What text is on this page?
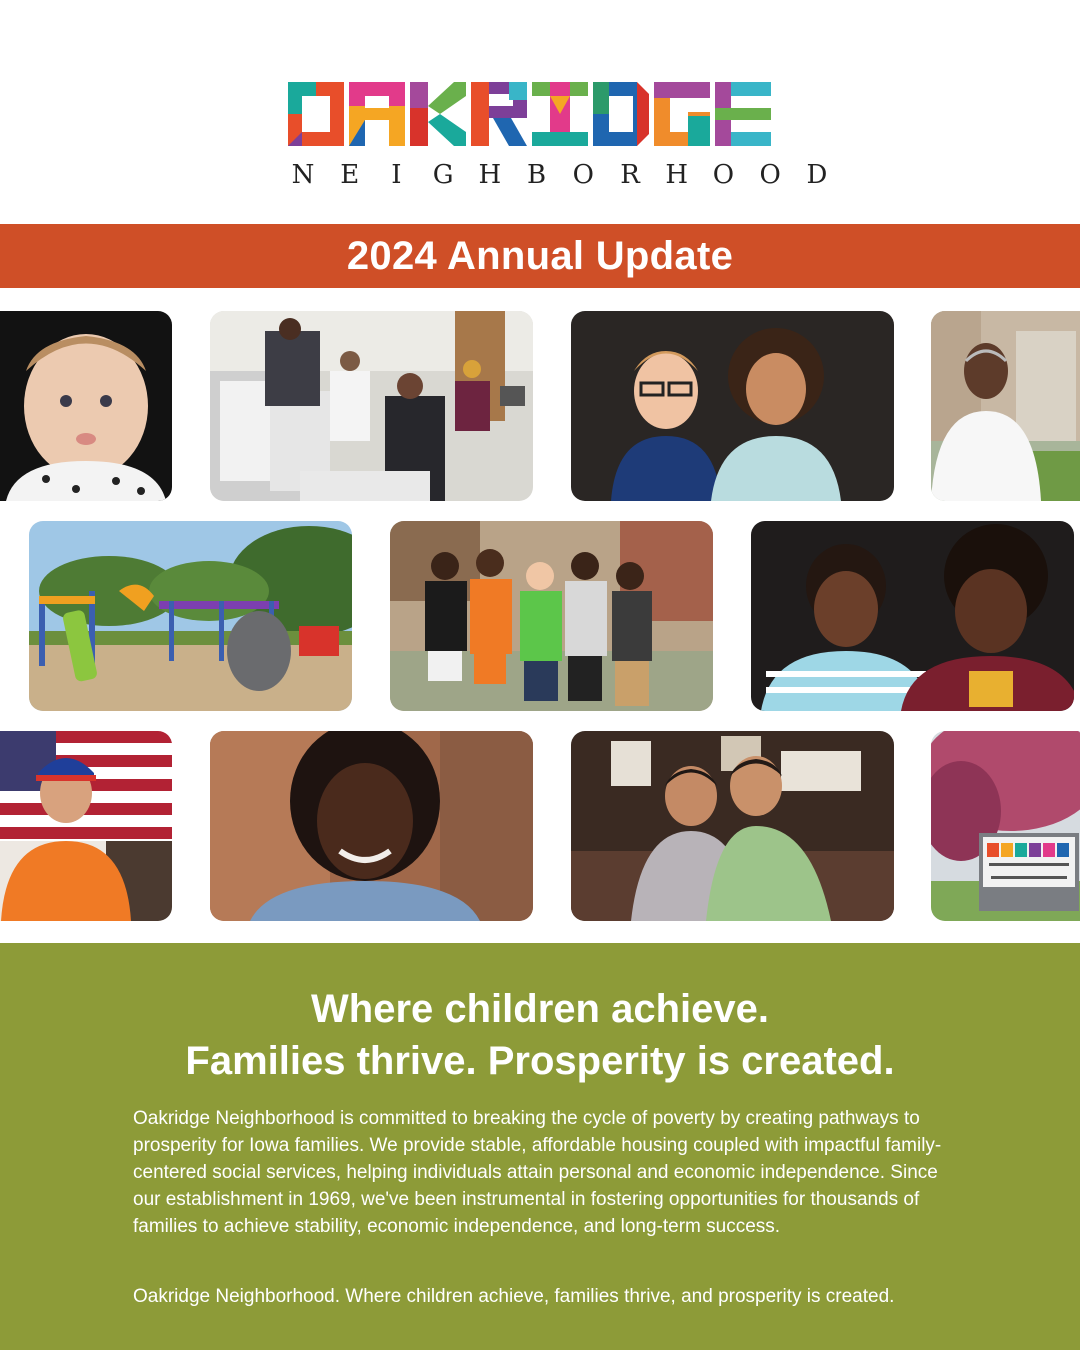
N E	I	G H B O R H O O D
2024 Annual Update
Where children achieve.
Families thrive. Prosperity is created.

Oakridge Neighborhood is committed to breaking the cycle of poverty by creating pathways to prosperity for Iowa families. We provide stable, affordable housing coupled with impactful family-centered social services, helping individuals attain personal and economic independence. Since our establishment in 1969, we've been instrumental in fostering opportunities for thousands of families to achieve stability, economic independence, and long-term success.

Oakridge Neighborhood. Where children achieve, families thrive, and prosperity is created.
